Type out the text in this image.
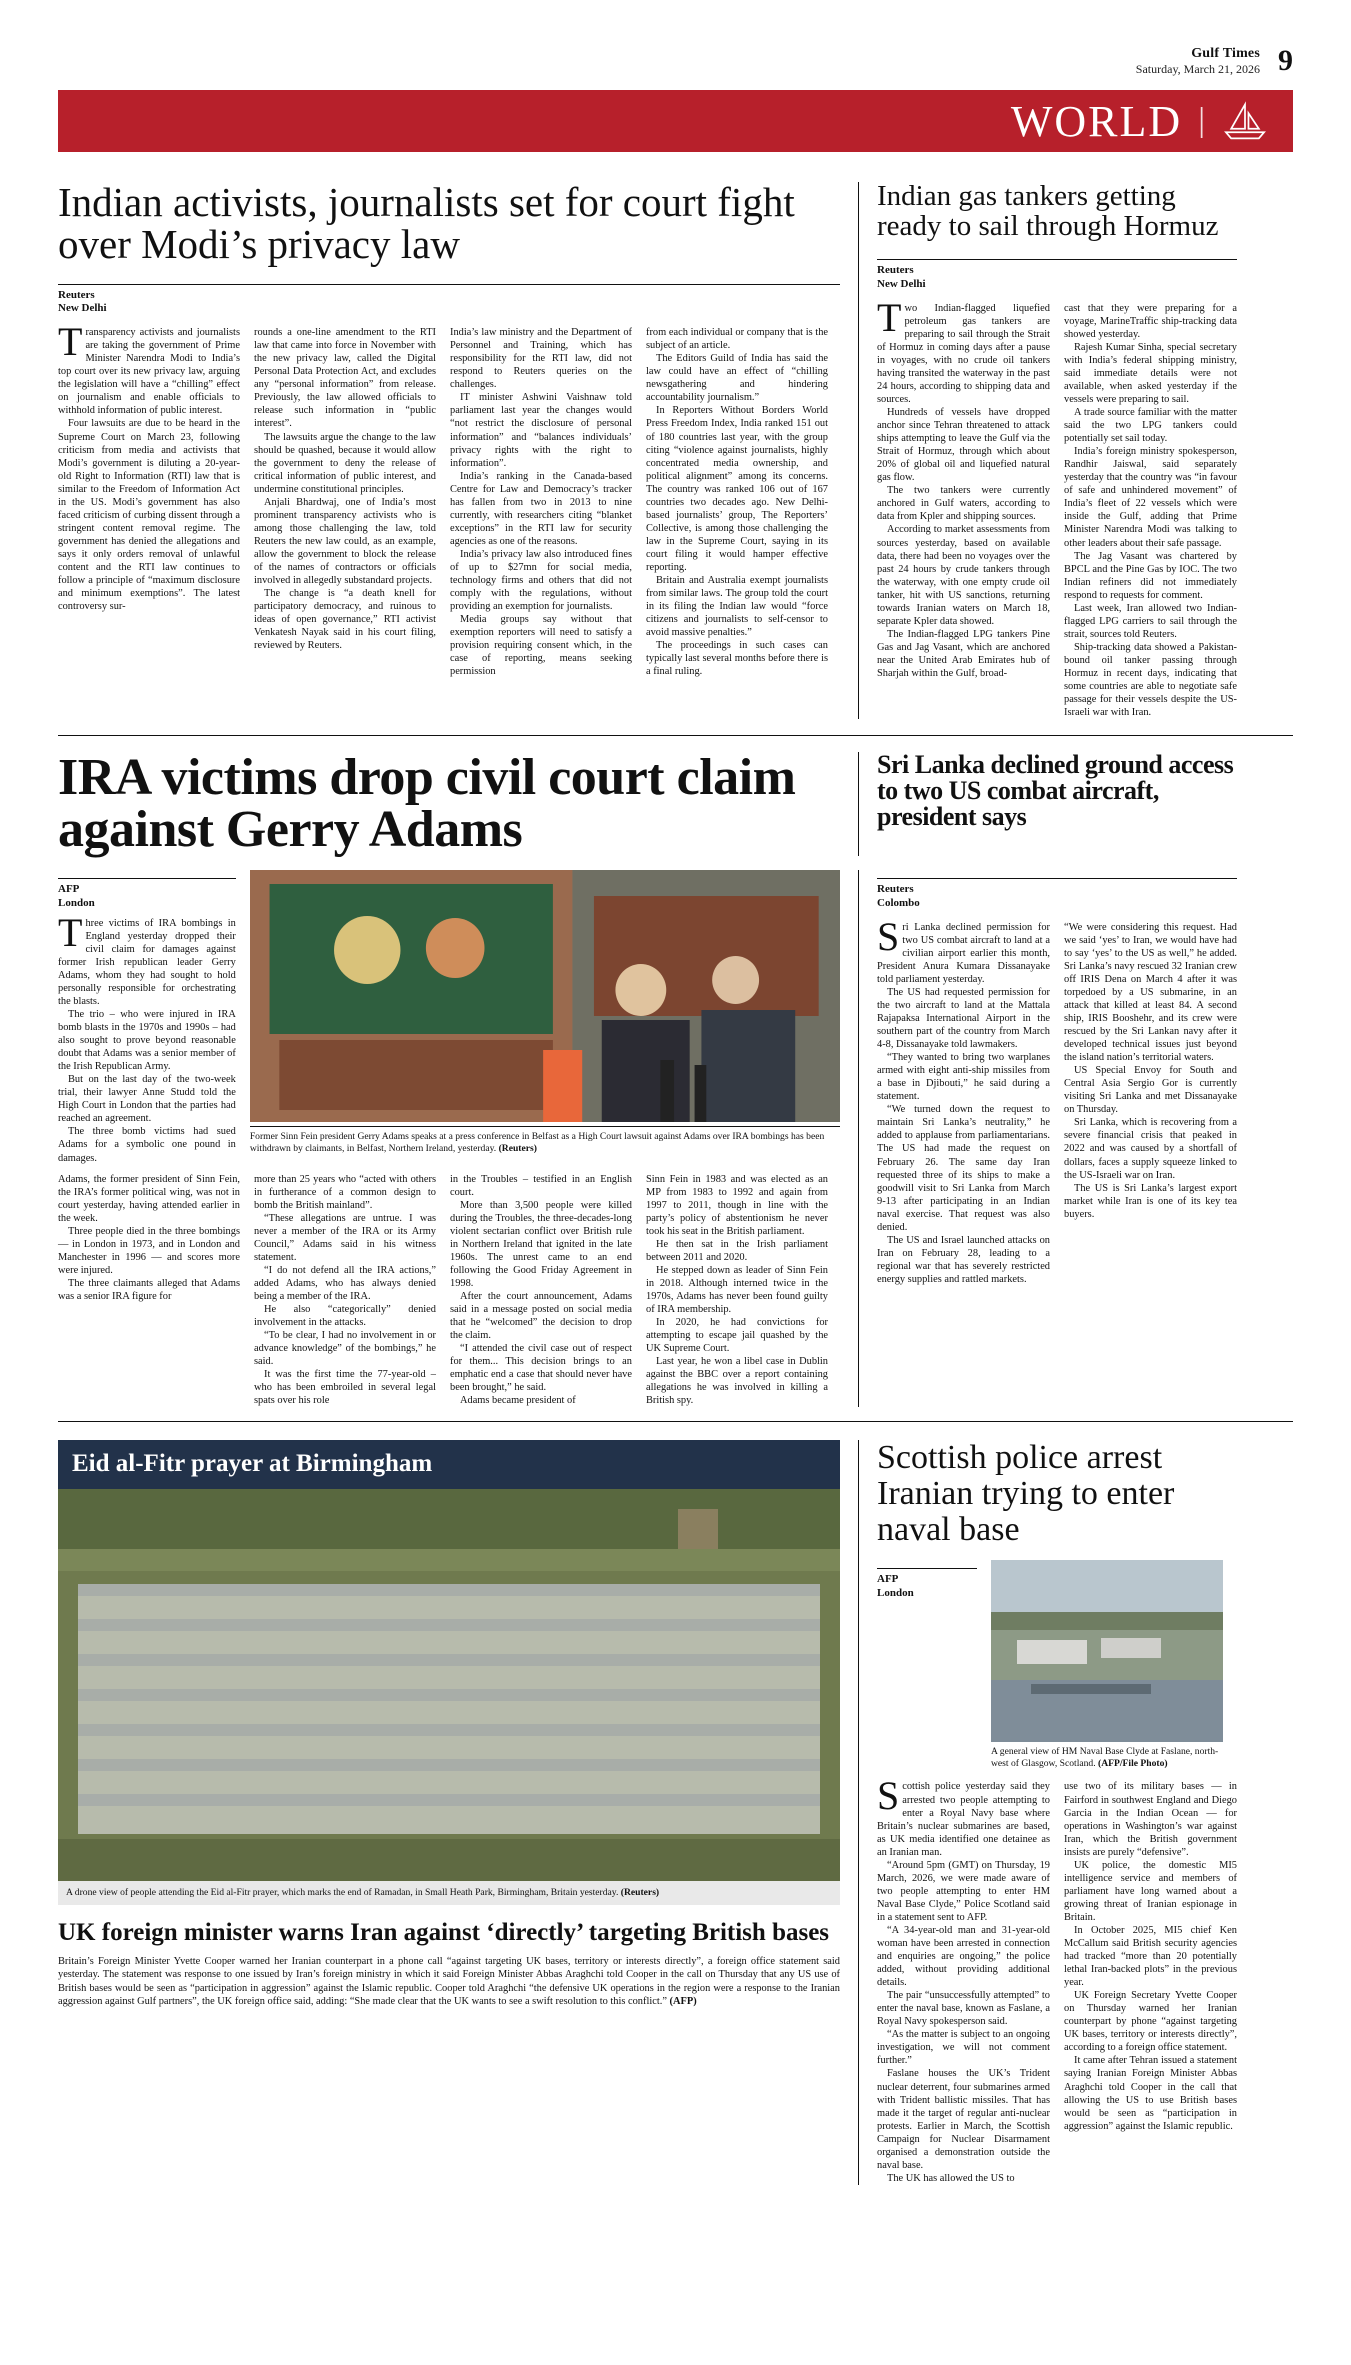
Gulf Times
Saturday, March 21, 2026 9
WORLD |
Indian activists, journalists set for court fight over Modi’s privacy law
Reuters
New Delhi

Transparency activists and journalists are taking the government of Prime Minister Narendra Modi to India’s top court over its new privacy law, arguing the legislation will have a “chilling” effect on journalism and enable officials to withhold information of public interest.

Four lawsuits are due to be heard in the Supreme Court on March 23, following criticism from media and activists that Modi’s government is diluting a 20-year-old Right to Information (RTI) law that is similar to the Freedom of Information Act in the US. Modi’s government has also faced criticism of curbing dissent through a stringent content removal regime. The government has denied the allegations and says it only orders removal of unlawful content and the RTI law continues to follow a principle of “maximum disclosure and minimum exemptions”. The latest controversy sur-

rounds a one-line amendment to the RTI law that came into force in November with the new privacy law, called the Digital Personal Data Protection Act, and excludes any “personal information” from release. Previously, the law allowed officials to release such information in “public interest”.

The lawsuits argue the change to the law should be quashed, because it would allow the government to deny the release of critical information of public interest, and undermine constitutional principles.

Anjali Bhardwaj, one of India’s most prominent transparency activists who is among those challenging the law, told Reuters the new law could, as an example, allow the government to block the release of the names of contractors or officials involved in allegedly substandard projects.

The change is “a death knell for participatory democracy, and ruinous to ideas of open governance,” RTI activist Venkatesh Nayak said in his court filing, reviewed by Reuters.

India’s law ministry and the Department of Personnel and Training, which has responsibility for the RTI law, did not respond to Reuters queries on the challenges.

IT minister Ashwini Vaishnaw told parliament last year the changes would “not restrict the disclosure of personal information” and “balances individuals’ privacy rights with the right to information”.

India’s ranking in the Canada-based Centre for Law and Democracy’s tracker has fallen from two in 2013 to nine currently, with researchers citing “blanket exceptions” in the RTI law for security agencies as one of the reasons.

India’s privacy law also introduced fines of up to $27mn for social media, technology firms and others that did not comply with the regulations, without providing an exemption for journalists.

Media groups say without that exemption reporters will need to satisfy a provision requiring consent which, in the case of reporting, means seeking permission

from each individual or company that is the subject of an article.

The Editors Guild of India has said the law could have an effect of “chilling newsgathering and hindering accountability journalism.”

In Reporters Without Borders World Press Freedom Index, India ranked 151 out of 180 countries last year, with the group citing “violence against journalists, highly concentrated media ownership, and political alignment” among its concerns. The country was ranked 106 out of 167 countries two decades ago. New Delhi-based journalists’ group, The Reporters’ Collective, is among those challenging the law in the Supreme Court, saying in its court filing it would hamper effective reporting.

Britain and Australia exempt journalists from similar laws. The group told the court in its filing the Indian law would “force citizens and journalists to self-censor to avoid massive penalties.”

The proceedings in such cases can typically last several months before there is a final ruling.

Indian gas tankers getting ready to sail through Hormuz
Reuters
New Delhi

Two Indian-flagged liquefied petroleum gas tankers are preparing to sail through the Strait of Hormuz in coming days after a pause in voyages, with no crude oil tankers having transited the waterway in the past 24 hours, according to shipping data and sources.

Hundreds of vessels have dropped anchor since Tehran threatened to attack ships attempting to leave the Gulf via the Strait of Hormuz, through which about 20% of global oil and liquefied natural gas flow.

The two tankers were currently anchored in Gulf waters, according to data from Kpler and shipping sources.

According to market assessments from sources yesterday, based on available data, there had been no voyages over the past 24 hours by crude tankers through the waterway, with one empty crude oil tanker, hit with US sanctions, returning towards Iranian waters on March 18, separate Kpler data showed.

The Indian-flagged LPG tankers Pine Gas and Jag Vasant, which are anchored near the United Arab Emirates hub of Sharjah within the Gulf, broad-

cast that they were preparing for a voyage, MarineTraffic ship-tracking data showed yesterday.

Rajesh Kumar Sinha, special secretary with India’s federal shipping ministry, said immediate details were not available, when asked yesterday if the vessels were preparing to sail.

A trade source familiar with the matter said the two LPG tankers could potentially set sail today.

India’s foreign ministry spokesperson, Randhir Jaiswal, said separately yesterday that the country was “in favour of safe and unhindered movement” of India’s fleet of 22 vessels which were inside the Gulf, adding that Prime Minister Narendra Modi was talking to other leaders about their safe passage.

The Jag Vasant was chartered by BPCL and the Pine Gas by IOC. The two Indian refiners did not immediately respond to requests for comment.

Last week, Iran allowed two Indian-flagged LPG carriers to sail through the strait, sources told Reuters.

Ship-tracking data showed a Pakistan-bound oil tanker passing through Hormuz in recent days, indicating that some countries are able to negotiate safe passage for their vessels despite the US-Israeli war with Iran.

IRA victims drop civil court claim against Gerry Adams
Sri Lanka declined ground access to two US combat aircraft, president says
AFP
London

Three victims of IRA bombings in England yesterday dropped their civil claim for damages against former Irish republican leader Gerry Adams, whom they had sought to hold personally responsible for orchestrating the blasts.

The trio – who were injured in IRA bomb blasts in the 1970s and 1990s – had also sought to prove beyond reasonable doubt that Adams was a senior member of the Irish Republican Army.

But on the last day of the two-week trial, their lawyer Anne Studd told the High Court in London that the parties had reached an agreement.

The three bomb victims had sued Adams for a symbolic one pound in damages.

Former Sinn Fein president Gerry Adams speaks at a press conference in Belfast as a High Court lawsuit against Adams over IRA bombings has been withdrawn by claimants, in Belfast, Northern Ireland, yesterday. (Reuters)

Adams, the former president of Sinn Fein, the IRA’s former political wing, was not in court yesterday, having attended earlier in the week.

Three people died in the three bombings — in London in 1973, and in London and Manchester in 1996 — and scores more were injured.

The three claimants alleged that Adams was a senior IRA figure for

more than 25 years who “acted with others in furtherance of a common design to bomb the British mainland”.

“These allegations are untrue. I was never a member of the IRA or its Army Council,” Adams said in his witness statement.

“I do not defend all the IRA actions,” added Adams, who has always denied being a member of the IRA.

He also “categorically” denied involvement in the attacks.

“To be clear, I had no involvement in or advance knowledge” of the bombings,” he said.

It was the first time the 77-year-old – who has been embroiled in several legal spats over his role

in the Troubles – testified in an English court.

More than 3,500 people were killed during the Troubles, the three-decades-long violent sectarian conflict over British rule in Northern Ireland that ignited in the late 1960s. The unrest came to an end following the Good Friday Agreement in 1998.

After the court announcement, Adams said in a message posted on social media that he “welcomed” the decision to drop the claim.

“I attended the civil case out of respect for them... This decision brings to an emphatic end a case that should never have been brought,” he said.

Adams became president of

Sinn Fein in 1983 and was elected as an MP from 1983 to 1992 and again from 1997 to 2011, though in line with the party’s policy of abstentionism he never took his seat in the British parliament.

He then sat in the Irish parliament between 2011 and 2020.

He stepped down as leader of Sinn Fein in 2018. Although interned twice in the 1970s, Adams has never been found guilty of IRA membership.

In 2020, he had convictions for attempting to escape jail quashed by the UK Supreme Court.

Last year, he won a libel case in Dublin against the BBC over a report containing allegations he was involved in killing a British spy.

Reuters
Colombo

Sri Lanka declined permission for two US combat aircraft to land at a civilian airport earlier this month, President Anura Kumara Dissanayake told parliament yesterday.

The US had requested permission for the two aircraft to land at the Mattala Rajapaksa International Airport in the southern part of the country from March 4-8, Dissanayake told lawmakers.

“They wanted to bring two warplanes armed with eight anti-ship missiles from a base in Djibouti,” he said during a statement.

“We turned down the request to maintain Sri Lanka’s neutrality,” he added to applause from parliamentarians. The US had made the request on February 26. The same day Iran requested three of its ships to make a goodwill visit to Sri Lanka from March 9-13 after participating in an Indian naval exercise. That request was also denied.

The US and Israel launched attacks on Iran on February 28, leading to a regional war that has severely restricted energy supplies and rattled markets.

“We were considering this request. Had we said ‘yes’ to Iran, we would have had to say ‘yes’ to the US as well,” he added. Sri Lanka’s navy rescued 32 Iranian crew off IRIS Dena on March 4 after it was torpedoed by a US submarine, in an attack that killed at least 84. A second ship, IRIS Booshehr, and its crew were rescued by the Sri Lankan navy after it developed technical issues just beyond the island nation’s territorial waters.

US Special Envoy for South and Central Asia Sergio Gor is currently visiting Sri Lanka and met Dissanayake on Thursday.

Sri Lanka, which is recovering from a severe financial crisis that peaked in 2022 and was caused by a shortfall of dollars, faces a supply squeeze linked to the US-Israeli war on Iran.

The US is Sri Lanka’s largest export market while Iran is one of its key tea buyers.

Eid al-Fitr prayer at Birmingham
A drone view of people attending the Eid al-Fitr prayer, which marks the end of Ramadan, in Small Heath Park, Birmingham, Britain yesterday. (Reuters)
UK foreign minister warns Iran against ‘directly’ targeting British bases
Britain’s Foreign Minister Yvette Cooper warned her Iranian counterpart in a phone call “against targeting UK bases, territory or interests directly”, a foreign office statement said yesterday. The statement was response to one issued by Iran’s foreign ministry in which it said Foreign Minister Abbas Araghchi told Cooper in the call on Thursday that any US use of British bases would be seen as “participation in aggression” against the Islamic republic. Cooper told Araghchi “the defensive UK operations in the region were a response to the Iranian aggression against Gulf partners”, the UK foreign office said, adding: “She made clear that the UK wants to see a swift resolution to this conflict.” (AFP)
Scottish police arrest Iranian trying to enter naval base
AFP
London
A general view of HM Naval Base Clyde at Faslane, north-west of Glasgow, Scotland. (AFP/File Photo)

Scottish police yesterday said they arrested two people attempting to enter a Royal Navy base where Britain’s nuclear submarines are based, as UK media identified one detainee as an Iranian man.

“Around 5pm (GMT) on Thursday, 19 March, 2026, we were made aware of two people attempting to enter HM Naval Base Clyde,” Police Scotland said in a statement sent to AFP.

“A 34-year-old man and 31-year-old woman have been arrested in connection and enquiries are ongoing,” the police added, without providing additional details.

The pair “unsuccessfully attempted” to enter the naval base, known as Faslane, a Royal Navy spokesperson said.

“As the matter is subject to an ongoing investigation, we will not comment further.”

Faslane houses the UK’s Trident nuclear deterrent, four submarines armed with Trident ballistic missiles. That has made it the target of regular anti-nuclear protests. Earlier in March, the Scottish Campaign for Nuclear Disarmament organised a demonstration outside the naval base.

The UK has allowed the US to

use two of its military bases — in Fairford in southwest England and Diego Garcia in the Indian Ocean — for operations in Washington’s war against Iran, which the British government insists are purely “defensive”.

UK police, the domestic MI5 intelligence service and members of parliament have long warned about a growing threat of Iranian espionage in Britain.

In October 2025, MI5 chief Ken McCallum said British security agencies had tracked “more than 20 potentially lethal Iran-backed plots” in the previous year.

UK Foreign Secretary Yvette Cooper on Thursday warned her Iranian counterpart by phone “against targeting UK bases, territory or interests directly”, according to a foreign office statement.

It came after Tehran issued a statement saying Iranian Foreign Minister Abbas Araghchi told Cooper in the call that allowing the US to use British bases would be seen as “participation in aggression” against the Islamic republic.
